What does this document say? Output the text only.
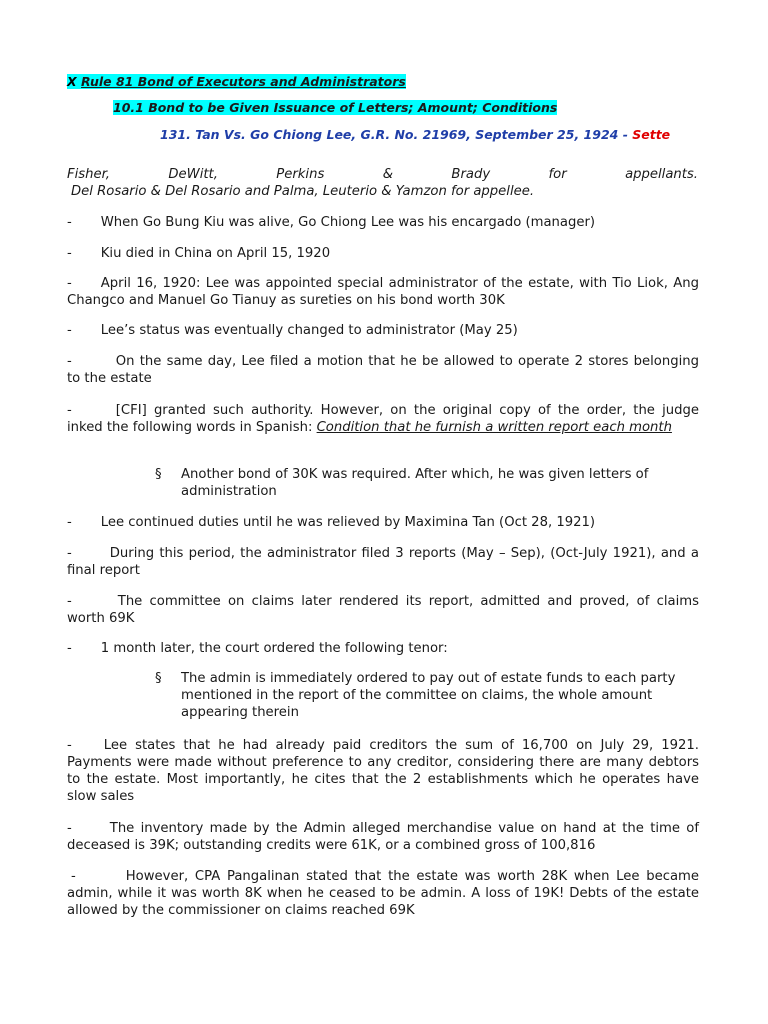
X Rule 81 Bond of Executors and Administrators
10.1 Bond to be Given Issuance of Letters; Amount; Conditions
131. Tan Vs. Go Chiong Lee, G.R. No. 21969, September 25, 1924 - Sette
Fisher,	DeWitt,	Perkins	&	Brady	for	appellants.
Del Rosario & Del Rosario and Palma, Leuterio & Yamzon for appellee.
- When Go Bung Kiu was alive, Go Chiong Lee was his encargado (manager)
- Kiu died in China on April 15, 1920
- April 16, 1920: Lee was appointed special administrator of the estate, with Tio Liok, Ang Changco and Manuel Go Tianuy as sureties on his bond worth 30K
- Lee’s status was eventually changed to administrator (May 25)
-	On the same day, Lee filed a motion that he be allowed to operate 2 stores belonging to the estate
-	[CFI] granted such authority. However, on the original copy of the order, the judge inked the following words in Spanish: Condition that he furnish a written report each month
§ Another bond of 30K was required. After which, he was given letters of administration
- Lee continued duties until he was relieved by Maximina Tan (Oct 28, 1921)
-	During this period, the administrator filed 3 reports (May – Sep), (Oct-July 1921), and a final report
-	The committee on claims later rendered its report, admitted and proved, of claims worth 69K
- 1 month later, the court ordered the following tenor:
§ The admin is immediately ordered to pay out of estate funds to each party mentioned in the report of the committee on claims, the whole amount appearing therein
- Lee states that he had already paid creditors the sum of 16,700 on July 29, 1921. Payments were made without preference to any creditor, considering there are many debtors to the estate. Most importantly, he cites that the 2 establishments which he operates have slow sales
-	The inventory made by the Admin alleged merchandise value on hand at the time of deceased is 39K; outstanding credits were 61K, or a combined gross of 100,816
-	However, CPA Pangalinan stated that the estate was worth 28K when Lee became admin, while it was worth 8K when he ceased to be admin. A loss of 19K! Debts of the estate allowed by the commissioner on claims reached 69K
